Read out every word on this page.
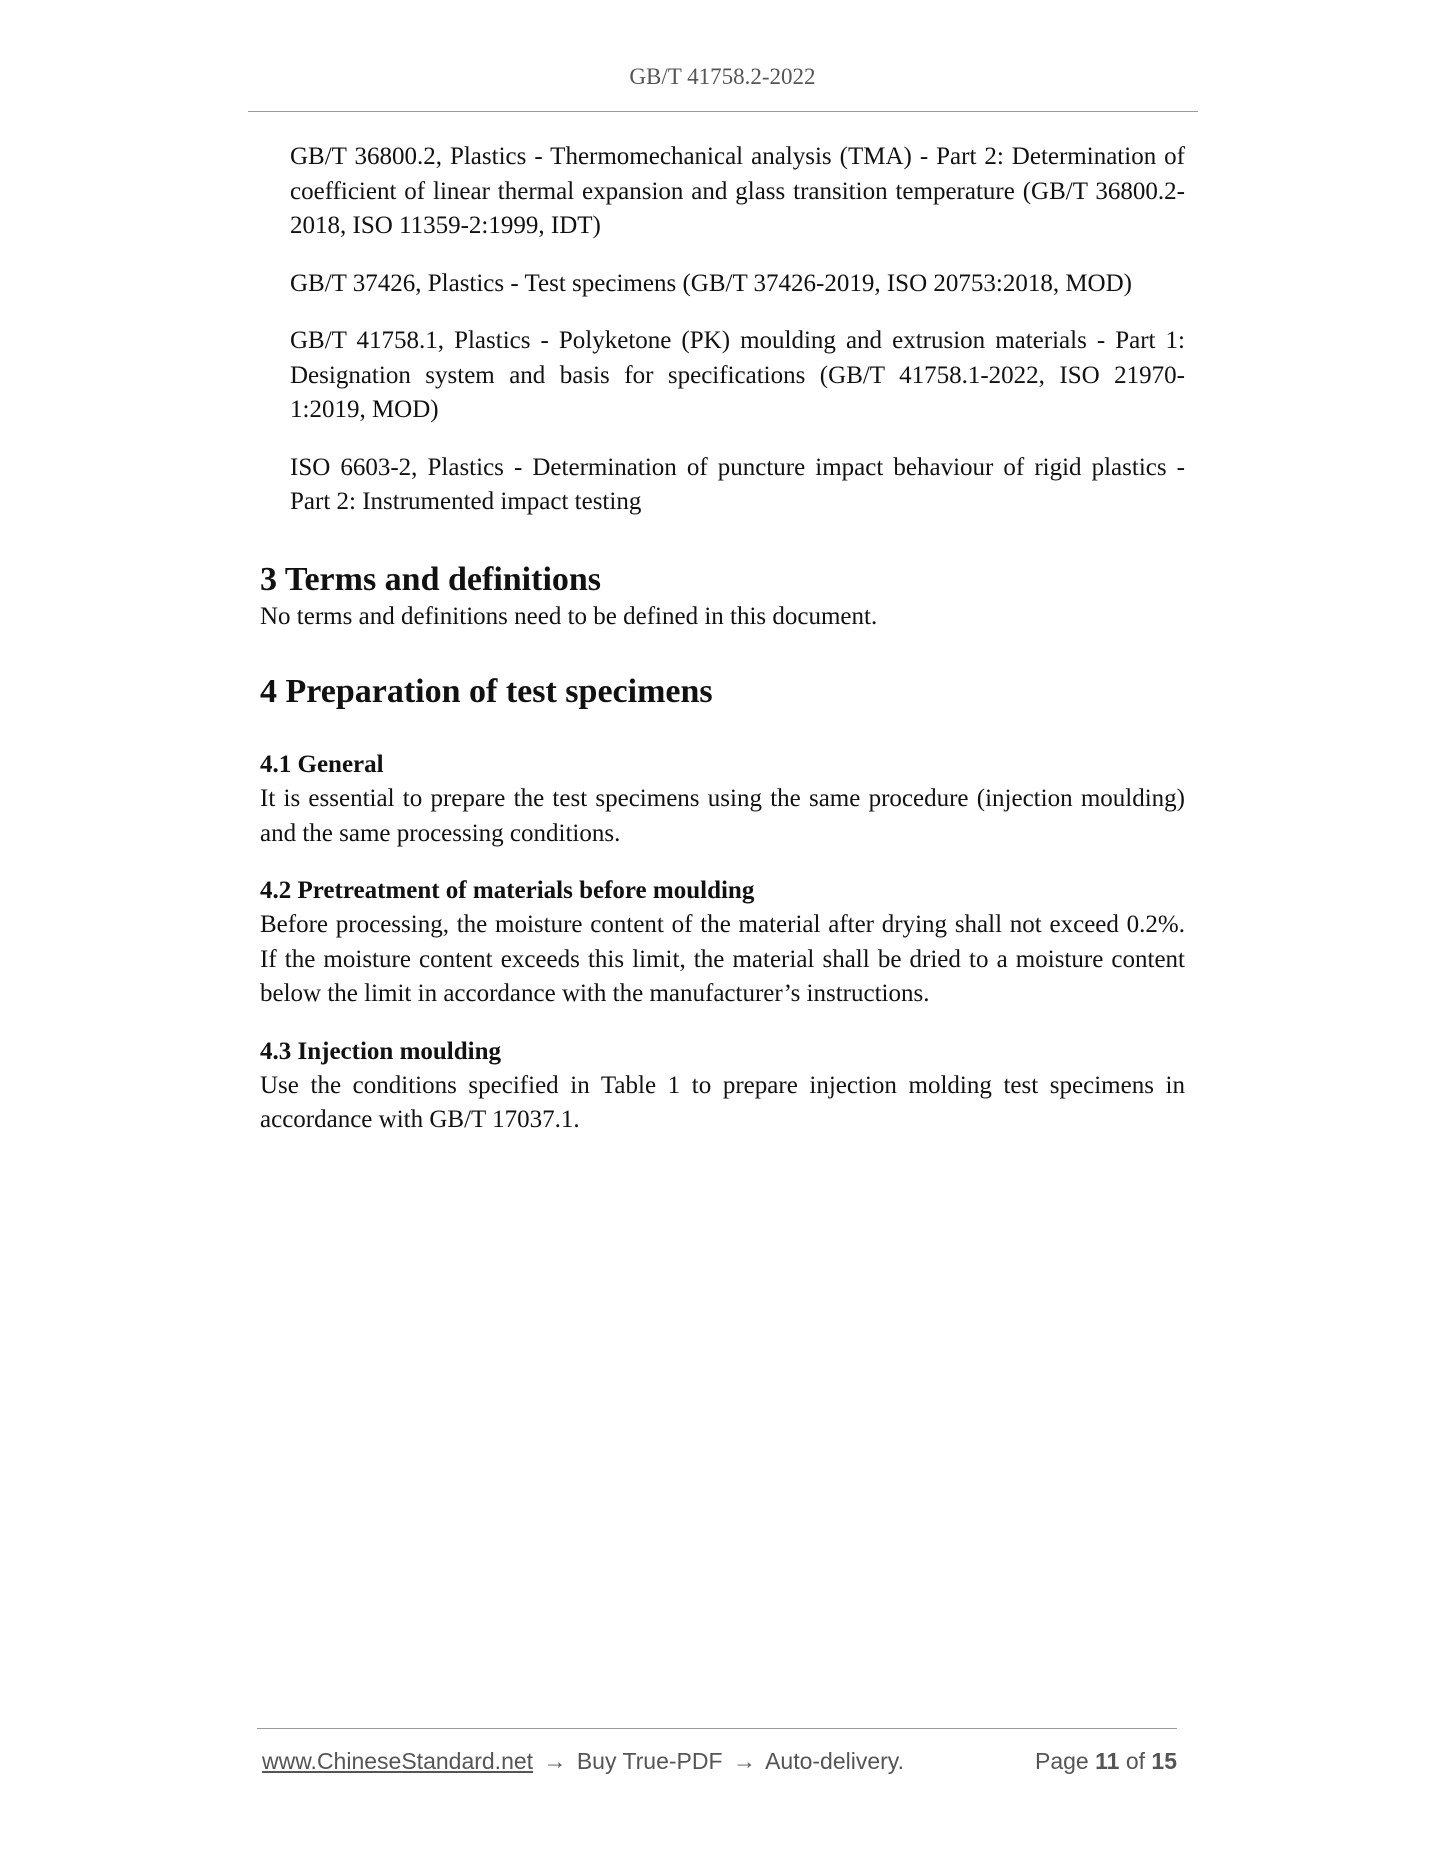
GB/T 41758.2-2022
GB/T 36800.2, Plastics - Thermomechanical analysis (TMA) - Part 2: Determination of coefficient of linear thermal expansion and glass transition temperature (GB/T 36800.2-2018, ISO 11359-2:1999, IDT)
GB/T 37426, Plastics - Test specimens (GB/T 37426-2019, ISO 20753:2018, MOD)
GB/T 41758.1, Plastics - Polyketone (PK) moulding and extrusion materials - Part 1: Designation system and basis for specifications (GB/T 41758.1-2022, ISO 21970-1:2019, MOD)
ISO 6603-2, Plastics - Determination of puncture impact behaviour of rigid plastics - Part 2: Instrumented impact testing
3 Terms and definitions

No terms and definitions need to be defined in this document.

4 Preparation of test specimens
4.1 General

It is essential to prepare the test specimens using the same procedure (injection moulding) and the same processing conditions.

4.2 Pretreatment of materials before moulding

Before processing, the moisture content of the material after drying shall not exceed 0.2%. If the moisture content exceeds this limit, the material shall be dried to a moisture content below the limit in accordance with the manufacturer’s instructions.

4.3 Injection moulding

Use the conditions specified in Table 1 to prepare injection molding test specimens in accordance with GB/T 17037.1.

www.ChineseStandard.net → Buy True-PDF → Auto-delivery.	Page 11 of 15
